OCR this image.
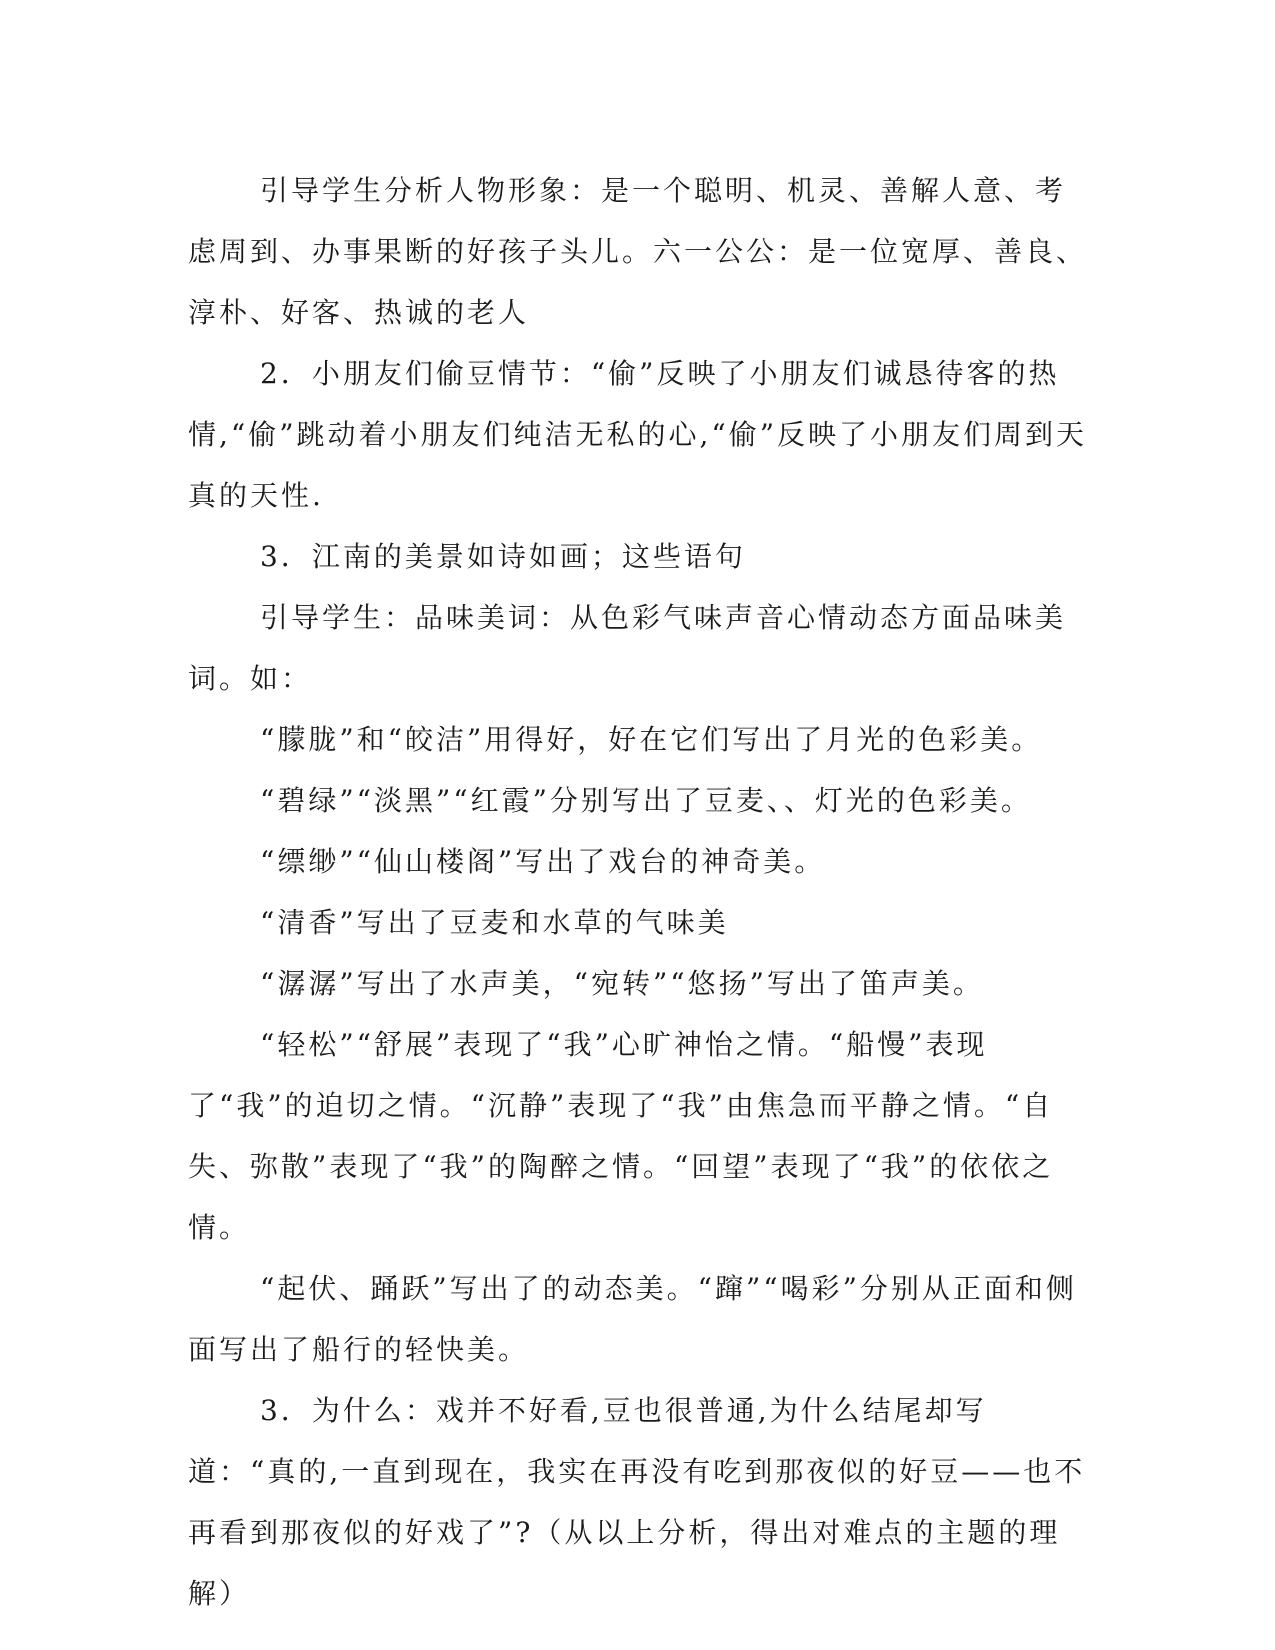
引导学生分析人物形象：是一个聪明、机灵、善解人意、考虑周到、办事果断的好孩子头儿。六一公公：是一位宽厚、善良、淳朴、好客、热诚的老人

2．小朋友们偷豆情节：“偷”反映了小朋友们诚恳待客的热情,“偷”跳动着小朋友们纯洁无私的心,“偷”反映了小朋友们周到天真的天性.

3．江南的美景如诗如画；这些语句

引导学生：品味美词：从色彩气味声音心情动态方面品味美词。如：

“朦胧”和“皎洁”用得好，好在它们写出了月光的色彩美。

“碧绿”“淡黑”“红霞”分别写出了豆麦、、灯光的色彩美。

“缥缈”“仙山楼阁”写出了戏台的神奇美。

“清香”写出了豆麦和水草的气味美

“潺潺”写出了水声美，“宛转”“悠扬”写出了笛声美。

“轻松”“舒展”表现了“我”心旷神怡之情。“船慢”表现了“我”的迫切之情。“沉静”表现了“我”由焦急而平静之情。“自失、弥散”表现了“我”的陶醉之情。“回望”表现了“我”的依依之情。

“起伏、踊跃”写出了的动态美。“蹿”“喝彩”分别从正面和侧面写出了船行的轻快美。

3．为什么：戏并不好看,豆也很普通,为什么结尾却写道：“真的,一直到现在，我实在再没有吃到那夜似的好豆——也不再看到那夜似的好戏了”?（从以上分析，得出对难点的主题的理解）
